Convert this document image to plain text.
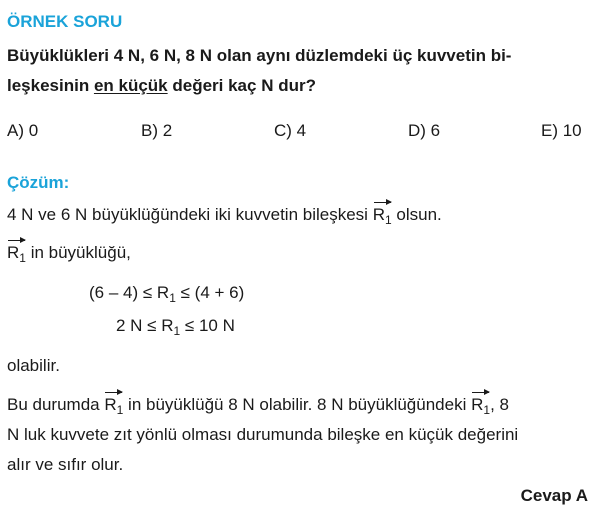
ÖRNEK SORU
Büyüklükleri 4 N, 6 N, 8 N olan aynı düzlemdeki üç kuvvetin bi-
leşkesinin en küçük değeri kaç N dur?
A) 0	B) 2	C) 4	D) 6	E) 10
Çözüm:
4 N ve 6 N büyüklüğündeki iki kuvvetin bileşkesi $R_1$ olsun.
$R_1$ in büyüklüğü,
$(6 - 4) \le R_1 \le (4 + 6)$
2 $N \le R_1 \le 10$ N
olabilir.
Bu durumda $R_1$ in büyüklüğü 8 N olabilir. 8 N büyüklüğündeki $R_1$, 8
N luk kuvvete zıt yönlü olması durumunda bileşke en küçük değerini
alır ve sıfır olur.
Cevap A
